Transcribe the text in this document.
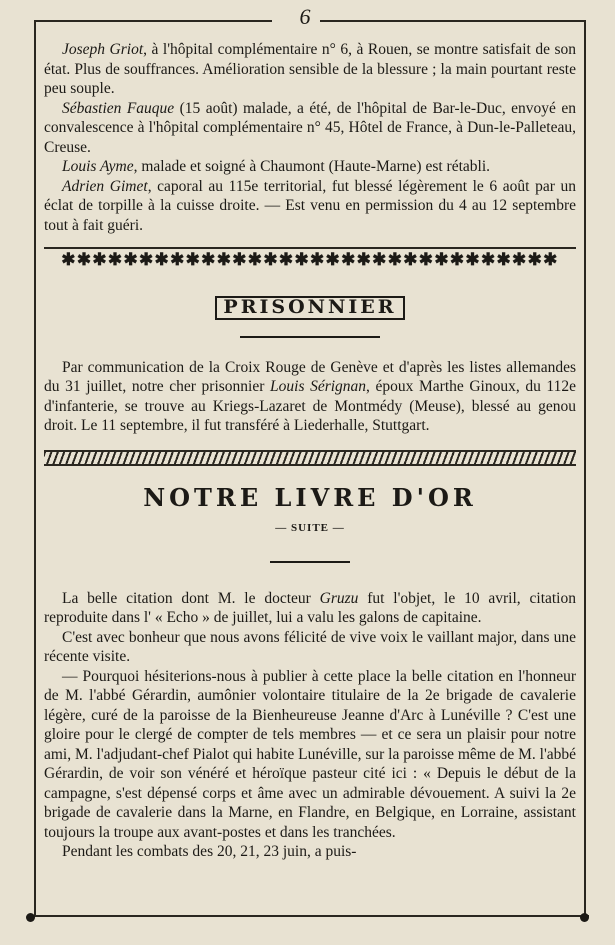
6

Joseph Griot, à l'hôpital complémentaire n° 6, à Rouen, se montre satisfait de son état. Plus de souffrances. Amélioration sensible de la blessure ; la main pourtant reste peu souple.

Sébastien Fauque (15 août) malade, a été, de l'hôpital de Bar-le-Duc, envoyé en convalescence à l'hôpital complémentaire n° 45, Hôtel de France, à Dun-le-Palleteau, Creuse.

Louis Ayme, malade et soigné à Chaumont (Haute-Marne) est rétabli.

Adrien Gimet, caporal au 115e territorial, fut blessé légèrement le 6 août par un éclat de torpille à la cuisse droite. — Est venu en permission du 4 au 12 septembre tout à fait guéri.

✱✱✱✱✱✱✱✱✱✱✱✱✱✱✱✱✱✱✱✱✱✱✱✱✱✱✱✱✱✱✱✱
PRISONNIER

Par communication de la Croix Rouge de Genève et d'après les listes allemandes du 31 juillet, notre cher prisonnier Louis Sérignan, époux Marthe Ginoux, du 112e d'infanterie, se trouve au Kriegs-Lazaret de Montmédy (Meuse), blessé au genou droit. Le 11 septembre, il fut transféré à Liederhalle, Stuttgart.

NOTRE LIVRE D'OR
— SUITE —

La belle citation dont M. le docteur Gruzu fut l'objet, le 10 avril, citation reproduite dans l' « Echo » de juillet, lui a valu les galons de capitaine.

C'est avec bonheur que nous avons félicité de vive voix le vaillant major, dans une récente visite.

— Pourquoi hésiterions-nous à publier à cette place la belle citation en l'honneur de M. l'abbé Gérardin, aumônier volontaire titulaire de la 2e brigade de cavalerie légère, curé de la paroisse de la Bienheureuse Jeanne d'Arc à Lunéville ? C'est une gloire pour le clergé de compter de tels membres — et ce sera un plaisir pour notre ami, M. l'adjudant-chef Pialot qui habite Lunéville, sur la paroisse même de M. l'abbé Gérardin, de voir son vénéré et héroïque pasteur cité ici : « Depuis le début de la campagne, s'est dépensé corps et âme avec un admirable dévouement. A suivi la 2e brigade de cavalerie dans la Marne, en Flandre, en Belgique, en Lorraine, assistant toujours la troupe aux avant-postes et dans les tranchées.

Pendant les combats des 20, 21, 23 juin, a puis-
